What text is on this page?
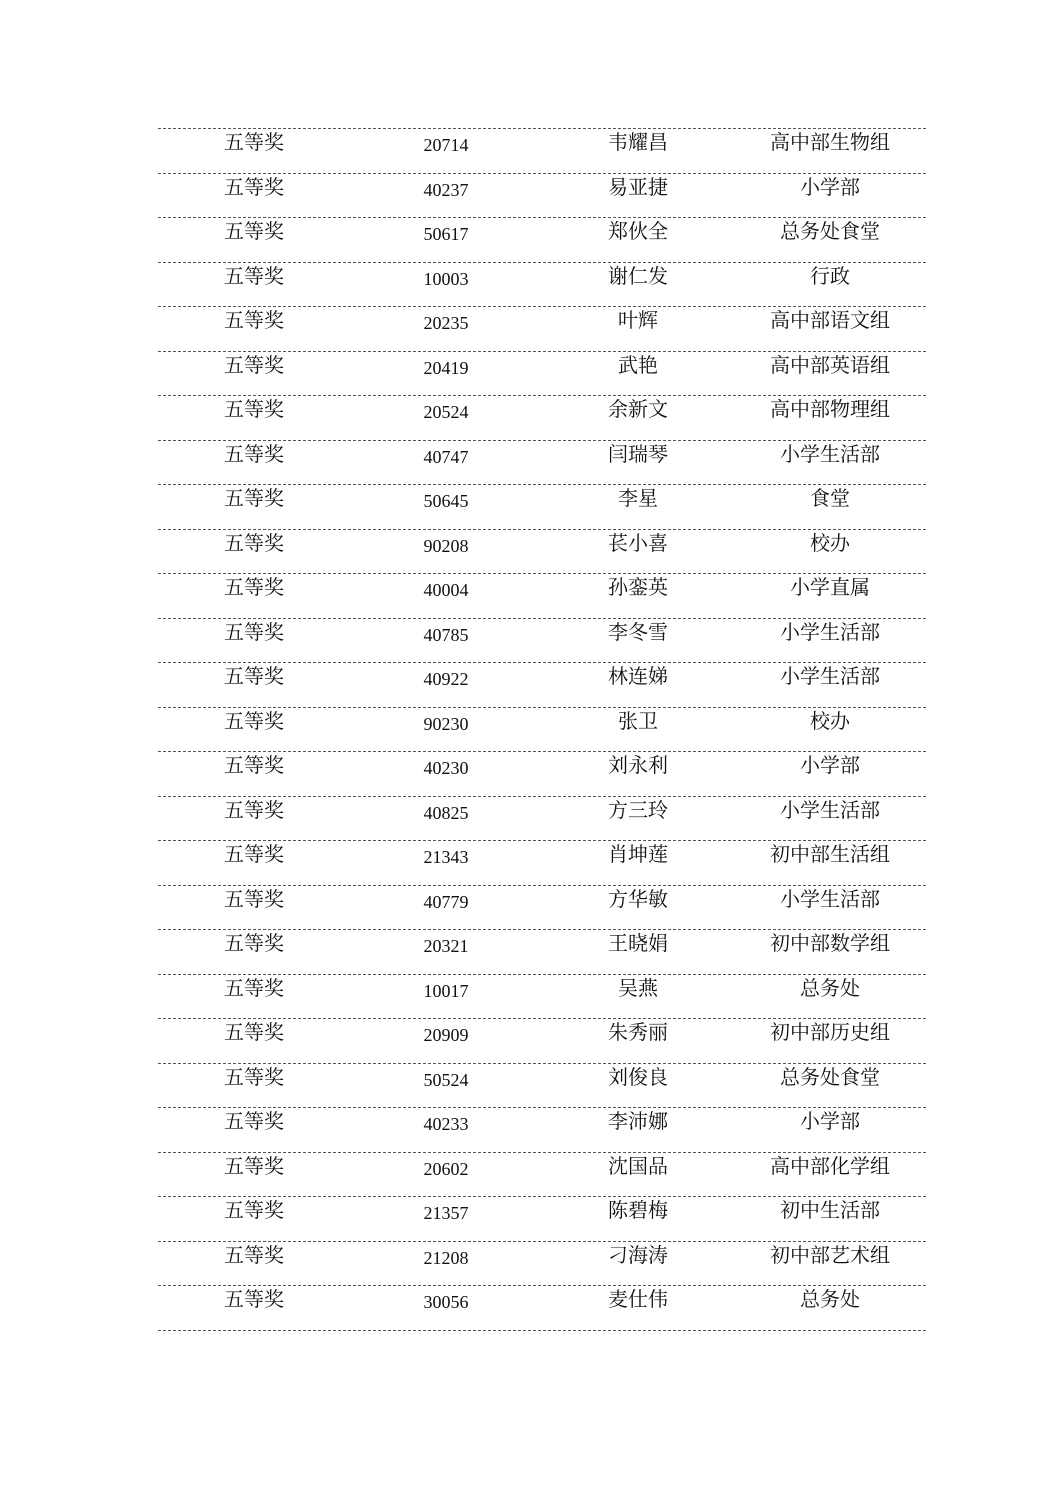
五等奖	20714	韦耀昌	高中部生物组
五等奖	40237	易亚捷	小学部
五等奖	50617	郑伙全	总务处食堂
五等奖	10003	谢仁发	行政
五等奖	20235	叶辉	高中部语文组
五等奖	20419	武艳	高中部英语组
五等奖	20524	余新文	高中部物理组
五等奖	40747	闫瑞琴	小学生活部
五等奖	50645	李星	食堂
五等奖	90208	苌小喜	校办
五等奖	40004	孙銮英	小学直属
五等奖	40785	李冬雪	小学生活部
五等奖	40922	林连娣	小学生活部
五等奖	90230	张卫	校办
五等奖	40230	刘永利	小学部
五等奖	40825	方三玲	小学生活部
五等奖	21343	肖坤莲	初中部生活组
五等奖	40779	方华敏	小学生活部
五等奖	20321	王晓娟	初中部数学组
五等奖	10017	吴燕	总务处
五等奖	20909	朱秀丽	初中部历史组
五等奖	50524	刘俊良	总务处食堂
五等奖	40233	李沛娜	小学部
五等奖	20602	沈国品	高中部化学组
五等奖	21357	陈碧梅	初中生活部
五等奖	21208	刁海涛	初中部艺术组
五等奖	30056	麦仕伟	总务处
